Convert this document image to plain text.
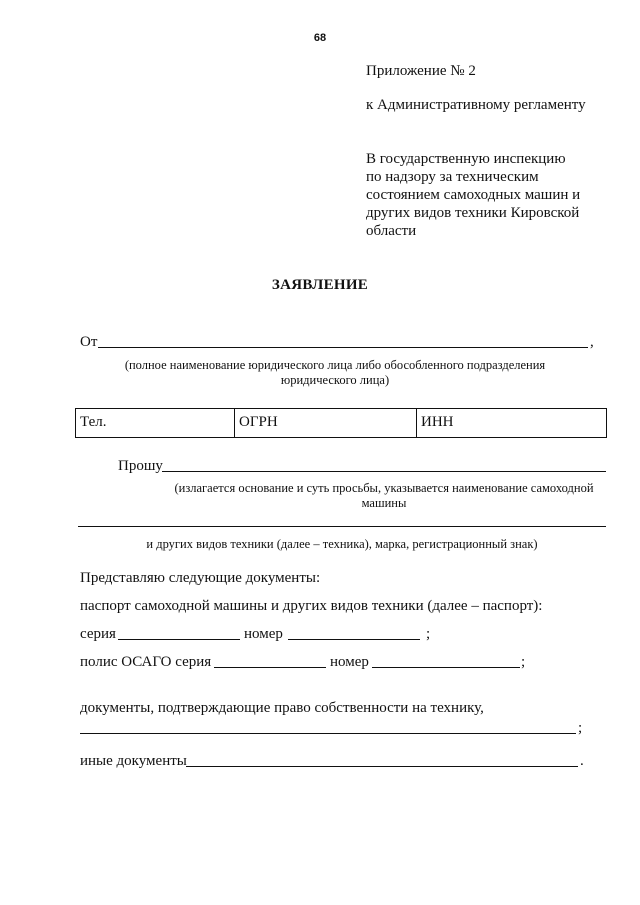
68
Приложение № 2
к Административному регламенту
В государственную инспекцию
по надзору за техническим
состоянием самоходных машин и
других видов техники Кировской
области
ЗАЯВЛЕНИЕ
От	,
(полное наименование юридического лица либо обособленного подразделения
юридического лица)
Тел.	ОГРН	ИНН
Прошу
(излагается основание и суть просьбы, указывается наименование самоходной
машины
и других видов техники (далее – техника), марка, регистрационный знак)
Представляю следующие документы:
паспорт самоходной машины и других видов техники (далее – паспорт):
серия	номер	;
полис ОСАГО серия	номер	;
документы, подтверждающие право собственности на технику,
;
иные документы	.
